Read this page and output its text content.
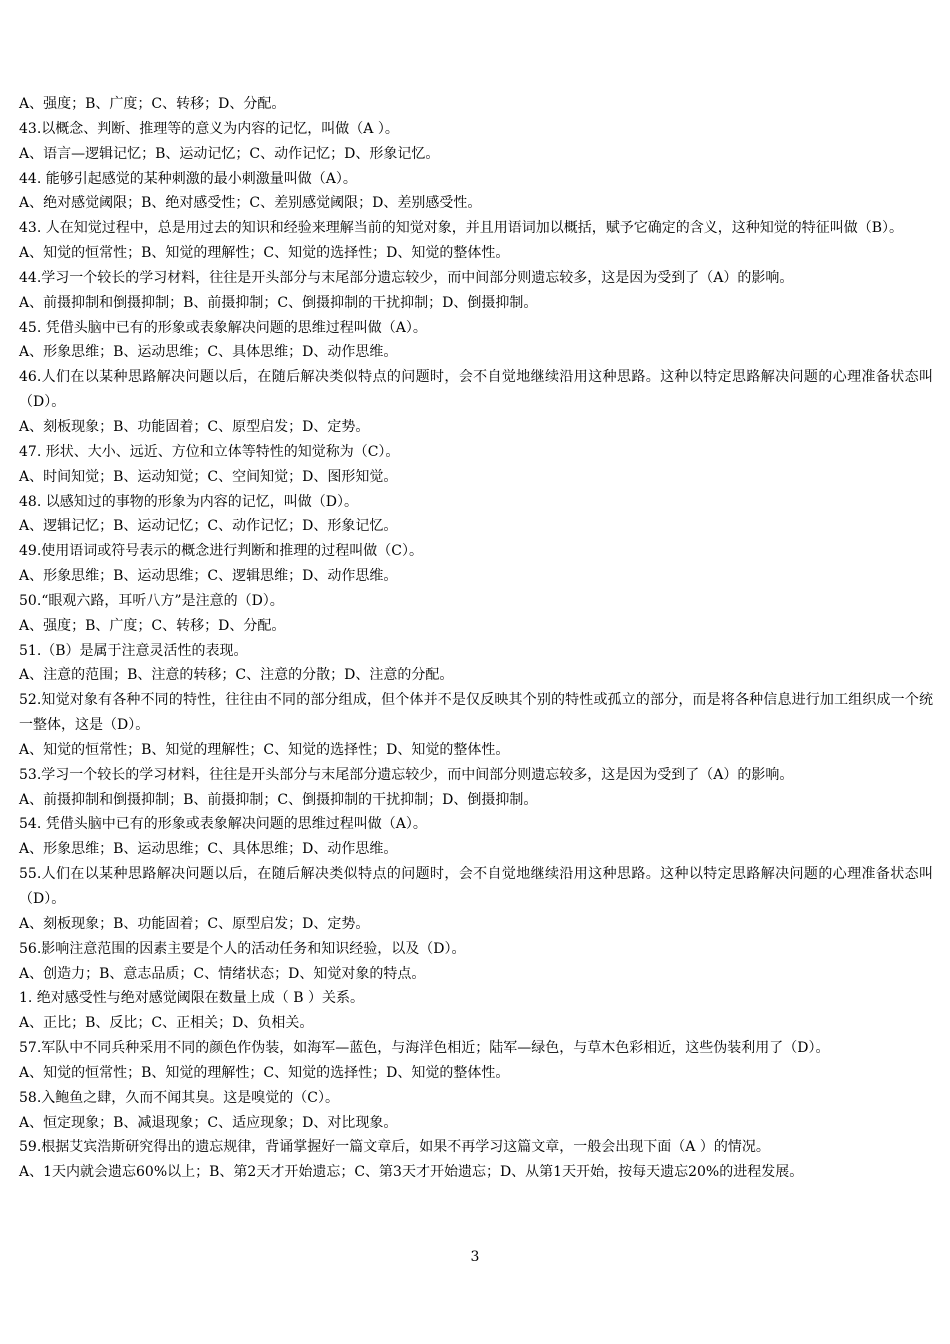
A、强度；B、广度；C、转移；D、分配。

43.以概念、判断、推理等的意义为内容的记忆，叫做（A ）。

A、语言—逻辑记忆；B、运动记忆；C、动作记忆；D、形象记忆。

44. 能够引起感觉的某种刺激的最小刺激量叫做（A）。

A、绝对感觉阈限；B、绝对感受性；C、差别感觉阈限；D、差别感受性。

43. 人在知觉过程中，总是用过去的知识和经验来理解当前的知觉对象，并且用语词加以概括，赋予它确定的含义，这种知觉的特征叫做（B）。

A、知觉的恒常性；B、知觉的理解性；C、知觉的选择性；D、知觉的整体性。

44.学习一个较长的学习材料，往往是开头部分与末尾部分遗忘较少，而中间部分则遗忘较多，这是因为受到了（A）的影响。

A、前摄抑制和倒摄抑制；B、前摄抑制；C、倒摄抑制的干扰抑制；D、倒摄抑制。

45. 凭借头脑中已有的形象或表象解决问题的思维过程叫做（A）。

A、形象思维；B、运动思维；C、具体思维；D、动作思维。

46.人们在以某种思路解决问题以后，在随后解决类似特点的问题时，会不自觉地继续沿用这种思路。这种以特定思路解决问题的心理准备状态叫（D）。

A、刻板现象；B、功能固着；C、原型启发；D、定势。

47. 形状、大小、远近、方位和立体等特性的知觉称为（C）。

A、时间知觉；B、运动知觉；C、空间知觉；D、图形知觉。

48. 以感知过的事物的形象为内容的记忆，叫做（D）。

A、逻辑记忆；B、运动记忆；C、动作记忆；D、形象记忆。

49.使用语词或符号表示的概念进行判断和推理的过程叫做（C）。

A、形象思维；B、运动思维；C、逻辑思维；D、动作思维。

50.“眼观六路，耳听八方”是注意的（D）。

A、强度；B、广度；C、转移；D、分配。

51.（B）是属于注意灵活性的表现。

A、注意的范围；B、注意的转移；C、注意的分散；D、注意的分配。

52.知觉对象有各种不同的特性，往往由不同的部分组成，但个体并不是仅反映其个别的特性或孤立的部分，而是将各种信息进行加工组织成一个统一整体，这是（D）。

A、知觉的恒常性；B、知觉的理解性；C、知觉的选择性；D、知觉的整体性。

53.学习一个较长的学习材料，往往是开头部分与末尾部分遗忘较少，而中间部分则遗忘较多，这是因为受到了（A）的影响。

A、前摄抑制和倒摄抑制；B、前摄抑制；C、倒摄抑制的干扰抑制；D、倒摄抑制。

54. 凭借头脑中已有的形象或表象解决问题的思维过程叫做（A）。

A、形象思维；B、运动思维；C、具体思维；D、动作思维。

55.人们在以某种思路解决问题以后，在随后解决类似特点的问题时，会不自觉地继续沿用这种思路。这种以特定思路解决问题的心理准备状态叫（D）。

A、刻板现象；B、功能固着；C、原型启发；D、定势。

56.影响注意范围的因素主要是个人的活动任务和知识经验，以及（D）。

A、创造力；B、意志品质；C、情绪状态；D、知觉对象的特点。

1. 绝对感受性与绝对感觉阈限在数量上成（ B ）关系。

A、正比；B、反比；C、正相关；D、负相关。

57.军队中不同兵种采用不同的颜色作伪装，如海军—蓝色，与海洋色相近；陆军—绿色，与草木色彩相近，这些伪装利用了（D）。

A、知觉的恒常性；B、知觉的理解性；C、知觉的选择性；D、知觉的整体性。

58.入鲍鱼之肆，久而不闻其臭。这是嗅觉的（C）。

A、恒定现象；B、减退现象；C、适应现象；D、对比现象。

59.根据艾宾浩斯研究得出的遗忘规律，背诵掌握好一篇文章后，如果不再学习这篇文章，一般会出现下面（A ）的情况。

A、1天内就会遗忘60%以上；B、第2天才开始遗忘；C、第3天才开始遗忘；D、从第1天开始，按每天遗忘20%的进程发展。

3
